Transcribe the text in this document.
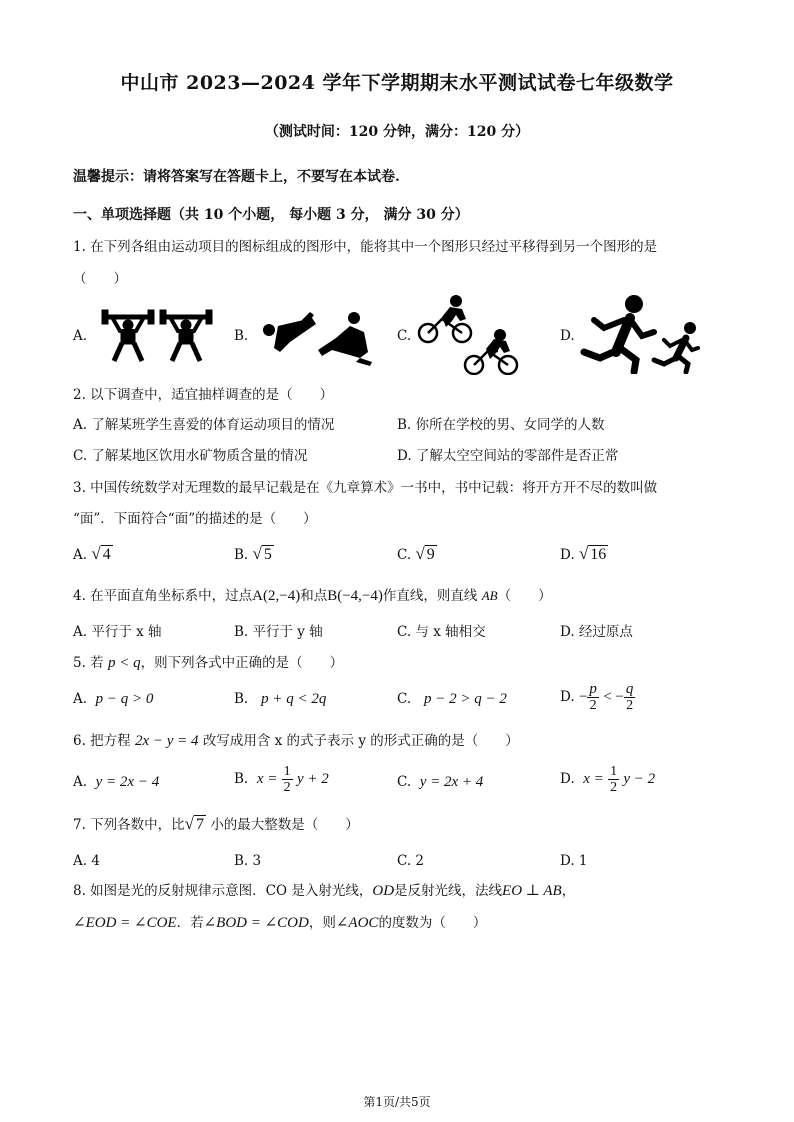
中山市 2023—2024 学年下学期期末水平测试试卷七年级数学
（测试时间：120 分钟，满分：120 分）
温馨提示：请将答案写在答题卡上，不要写在本试卷.
一、单项选择题（共 10 个小题， 每小题 3 分， 满分 30 分）
1. 在下列各组由运动项目的图标组成的图形中，能将其中一个图形只经过平移得到另一个图形的是
（　　）
A.	B.	C.	D.
2. 以下调查中，适宜抽样调查的是（　　）
A. 了解某班学生喜爱的体育运动项目的情况	B. 你所在学校的男、女同学的人数
C. 了解某地区饮用水矿物质含量的情况	D. 了解太空空间站的零部件是否正常
3. 中国传统数学对无理数的最早记载是在《九章算术》一书中，书中记载：将开方开不尽的数叫做
“面”．下面符合“面”的描述的是（　　）
A. √ 4	B. √ 5	C. √ 9	D. √ 16
4. 在平面直角坐标系中，过点A(2,−4)和点B(−4,−4)作直线，则直线 AB（　　）
A. 平行于 x 轴	B. 平行于 y 轴	C. 与 x 轴相交	D. 经过原点
5. 若 p < q，则下列各式中正确的是（　　）
A. p − q > 0	B. p + q < 2q	C. p − 2 > q − 2	D. − $\frac{p}{2}$ < − $\frac{q}{2}$
6. 把方程 2x − y = 4 改写成用含 x 的式子表示 y 的形式正确的是（　　）
A. y = 2x − 4	B. $x = \frac{1}{2}$ y + 2	C. y = 2x + 4	D. $x = \frac{1}{2}$ y − 2
7. 下列各数中，比√ 7 小的最大整数是（　　）
A. 4	B. 3	C. 2	D. 1
8. 如图是光的反射规律示意图．CO 是入射光线，OD是反射光线，法线EO ⊥ AB，
∠EOD = ∠COE．若∠BOD = ∠COD，则∠AOC的度数为（　　）
第1页/共5页
